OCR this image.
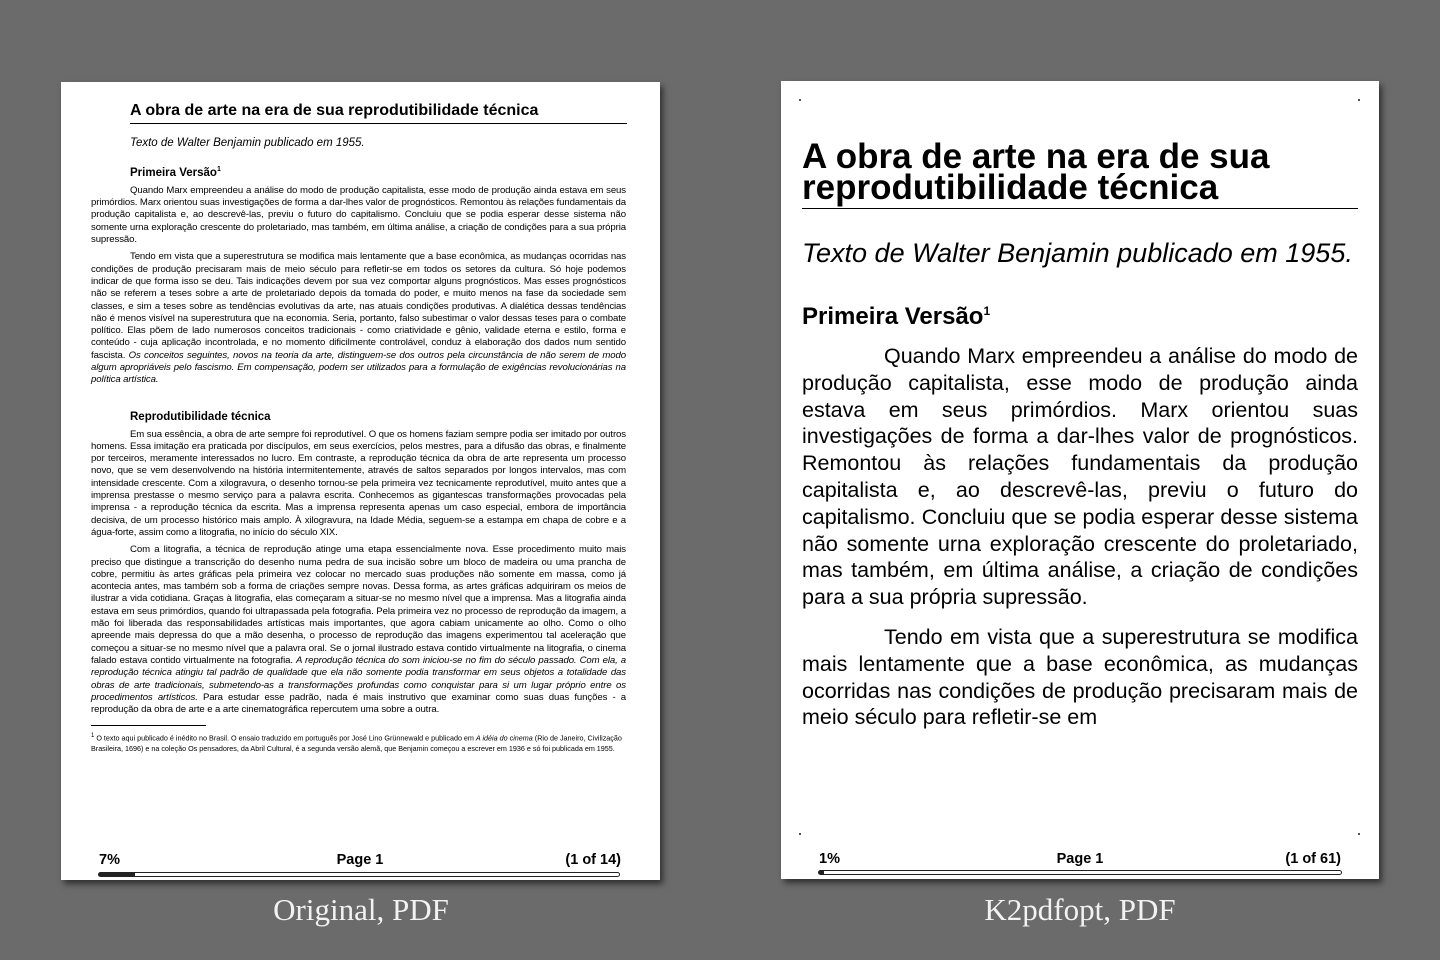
A obra de arte na era de sua reprodutibilidade técnica

Texto de Walter Benjamin publicado em 1955.

Primeira Versão$^1$

Quando Marx empreendeu a análise do modo de produção capitalista, esse modo de produção ainda estava em seus primórdios. Marx orientou suas investigações de forma a dar-lhes valor de prognósticos. Remontou às relações fundamentais da produção capitalista e, ao descrevê-las, previu o futuro do capitalismo. Concluiu que se podia esperar desse sistema não somente urna exploração crescente do proletariado, mas também, em última análise, a criação de condições para a sua própria supressão.

Tendo em vista que a superestrutura se modifica mais lentamente que a base econômica, as mudanças ocorridas nas condições de produção precisaram mais de meio século para refletir-se em todos os setores da cultura. Só hoje podemos indicar de que forma isso se deu. Tais indicações devem por sua vez comportar alguns prognósticos. Mas esses prognósticos não se referem a teses sobre a arte de proletariado depois da tomada do poder, e muito menos na fase da sociedade sem classes, e sim a teses sobre as tendências evolutivas da arte, nas atuais condições produtivas. A dialética dessas tendências não é menos visível na superestrutura que na economia. Seria, portanto, falso subestimar o valor dessas teses para o combate político. Elas põem de lado numerosos conceitos tradicionais - como criatividade e gênio, validade eterna e estilo, forma e conteúdo - cuja aplicação incontrolada, e no momento dificilmente controlável, conduz à elaboração dos dados num sentido fascista. Os conceitos seguintes, novos na teoria da arte, distinguem-se dos outros pela circunstância de não serem de modo algum apropriáveis pelo fascismo. Em compensação, podem ser utilizados para a formulação de exigências revolucionárias na política artística.

Reprodutibilidade técnica

Em sua essência, a obra de arte sempre foi reprodutível. O que os homens faziam sempre podia ser imitado por outros homens. Essa imitação era praticada por discípulos, em seus exercícios, pelos mestres, para a difusão das obras, e finalmente por terceiros, meramente interessados no lucro. Em contraste, a reprodução técnica da obra de arte representa um processo novo, que se vem desenvolvendo na história intermitentemente, através de saltos separados por longos intervalos, mas com intensidade crescente. Com a xilogravura, o desenho tornou-se pela primeira vez tecnicamente reprodutível, muito antes que a imprensa prestasse o mesmo serviço para a palavra escrita. Conhecemos as gigantescas transformações provocadas pela imprensa - a reprodução técnica da escrita. Mas a imprensa representa apenas um caso especial, embora de importância decisiva, de um processo histórico mais amplo. À xilogravura, na Idade Média, seguem-se a estampa em chapa de cobre e a água-forte, assim como a litografia, no início do século XIX.

Com a litografia, a técnica de reprodução atinge uma etapa essencialmente nova. Esse procedimento muito mais preciso que distingue a transcrição do desenho numa pedra de sua incisão sobre um bloco de madeira ou uma prancha de cobre, permitiu às artes gráficas pela primeira vez colocar no mercado suas produções não somente em massa, como já acontecia antes, mas também sob a forma de criações sempre novas. Dessa forma, as artes gráficas adquiriram os meios de ilustrar a vida cotidiana. Graças à litografia, elas começaram a situar-se no mesmo nível que a imprensa. Mas a litografia ainda estava em seus primórdios, quando foi ultrapassada pela fotografia. Pela primeira vez no processo de reprodução da imagem, a mão foi liberada das responsabilidades artísticas mais importantes, que agora cabiam unicamente ao olho. Como o olho apreende mais depressa do que a mão desenha, o processo de reprodução das imagens experimentou tal aceleração que começou a situar-se no mesmo nível que a palavra oral. Se o jornal ilustrado estava contido virtualmente na litografia, o cinema falado estava contido virtualmente na fotografia. A reprodução técnica do som iniciou-se no fim do século passado. Com ela, a reprodução técnica atingiu tal padrão de qualidade que ela não somente podia transformar em seus objetos a totalidade das obras de arte tradicionais, submetendo-as a transformações profundas como conquistar para si um lugar próprio entre os procedimentos artísticos. Para estudar esse padrão, nada é mais instrutivo que examinar como suas duas funções - a reprodução da obra de arte e a arte cinematográfica repercutem uma sobre a outra.

$^1$ O texto aqui publicado é inédito no Brasil. O ensaio traduzido em português por José Lino Grünnewald e publicado em A idéia do cinema (Rio de Janeiro, Civilização Brasileira, 1696) e na coleção Os pensadores, da Abril Cultural, é a segunda versão alemã, que Benjamin começou a escrever em 1936 e só foi publicada em 1955.

7%	Page 1	(1 of 14)
A obra de arte na era de sua reprodutibilidade técnica

Texto de Walter Benjamin publicado em 1955.

Primeira Versão$^1$

Quando Marx empreendeu a análise do modo de produção capitalista, esse modo de produção ainda estava em seus primórdios. Marx orientou suas investigações de forma a dar-lhes valor de prognósticos. Remontou às relações fundamentais da produção capitalista e, ao descrevê-las, previu o futuro do capitalismo. Concluiu que se podia esperar desse sistema não somente urna exploração crescente do proletariado, mas também, em última análise, a criação de condições para a sua própria supressão.

Tendo em vista que a superestrutura se modifica mais lentamente que a base econômica, as mudanças ocorridas nas condições de produção precisaram mais de meio século para refletir-se em

1%	Page 1	(1 of 61)
Original, PDF	K2pdfopt, PDF
